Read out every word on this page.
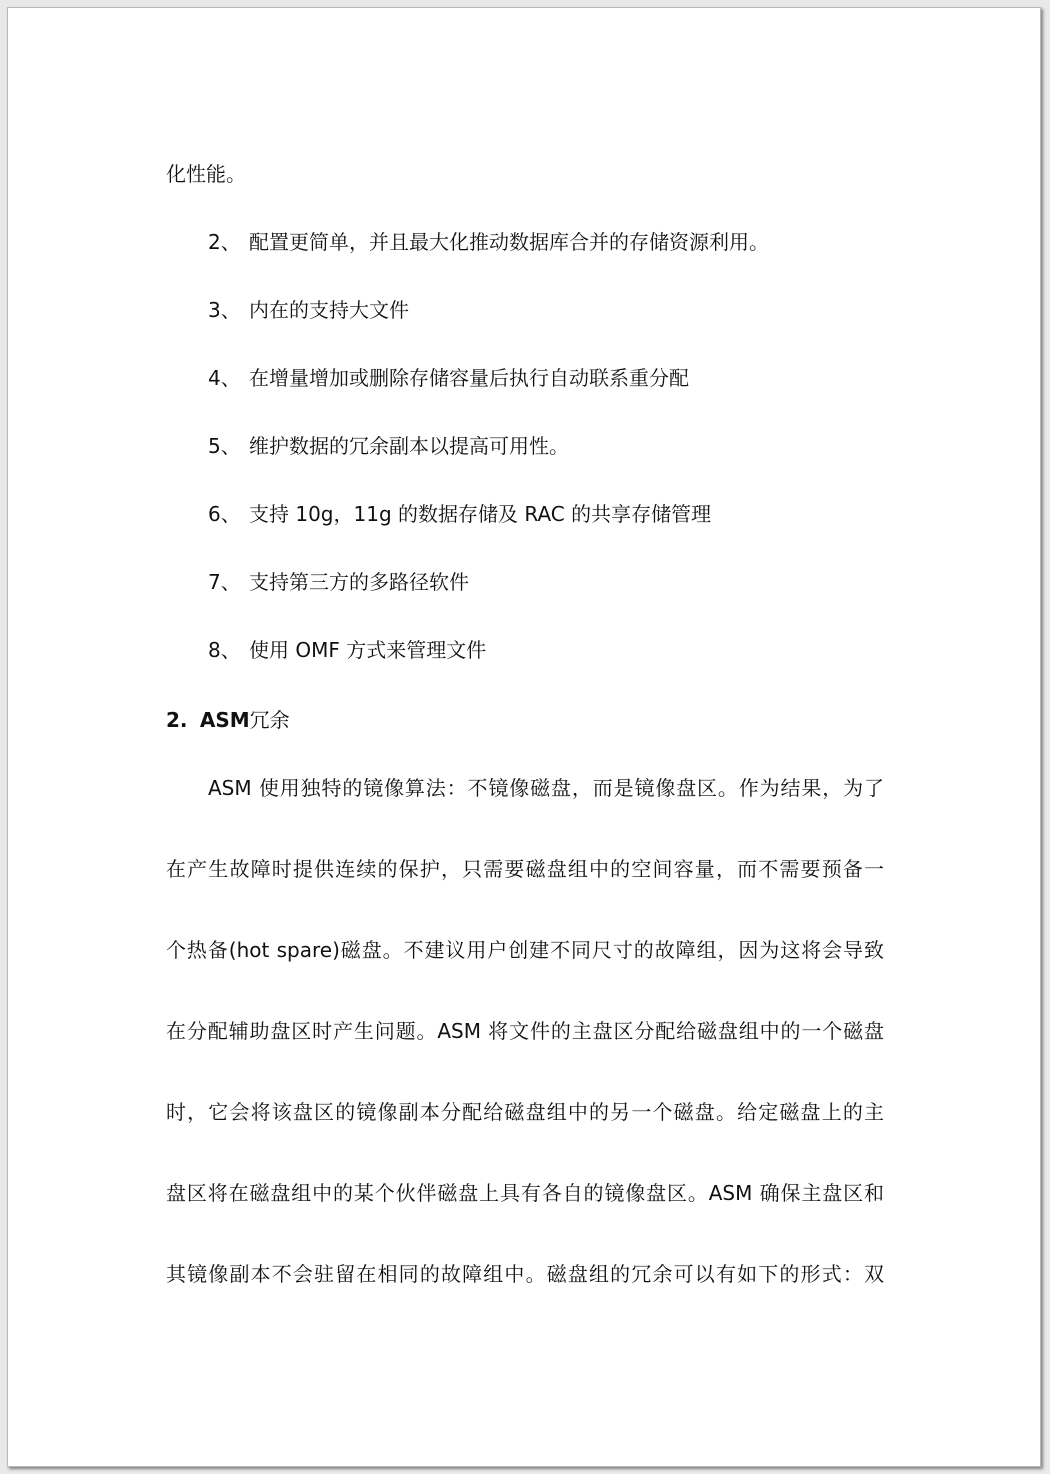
化性能。
2、 配置更简单，并且最大化推动数据库合并的存储资源利用。
3、 内在的支持大文件
4、 在增量增加或删除存储容量后执行自动联系重分配
5、 维护数据的冗余副本以提高可用性。
6、 支持 10g，11g 的数据存储及 RAC 的共享存储管理
7、 支持第三方的多路径软件
8、 使用 OMF 方式来管理文件
2. ASM冗余
ASM 使用独特的镜像算法：不镜像磁盘，而是镜像盘区。作为结果，为了
在产生故障时提供连续的保护，只需要磁盘组中的空间容量，而不需要预备一
个热备(hot spare)磁盘。不建议用户创建不同尺寸的故障组，因为这将会导致
在分配辅助盘区时产生问题。ASM 将文件的主盘区分配给磁盘组中的一个磁盘
时，它会将该盘区的镜像副本分配给磁盘组中的另一个磁盘。给定磁盘上的主
盘区将在磁盘组中的某个伙伴磁盘上具有各自的镜像盘区。ASM 确保主盘区和
其镜像副本不会驻留在相同的故障组中。磁盘组的冗余可以有如下的形式：双
